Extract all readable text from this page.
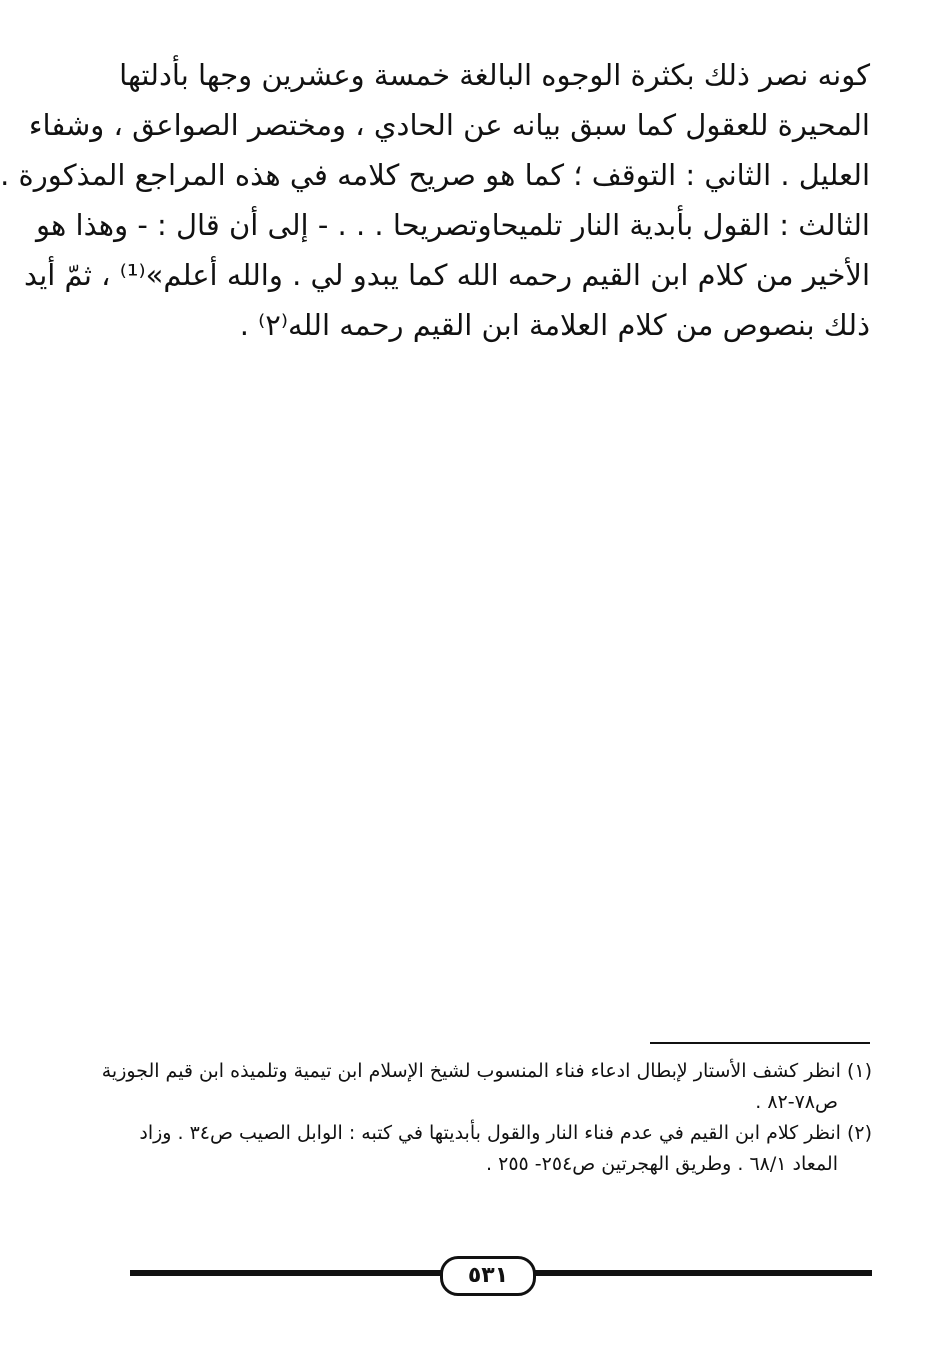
كونه نصر ذلك بكثرة الوجوه البالغة خمسة وعشرين وجها بأدلتها
المحيرة للعقول كما سبق بيانه عن الحادي ، ومختصر الصواعق ، وشفاء
العليل . الثاني : التوقف ؛ كما هو صريح كلامه في هذه المراجع المذكورة .
الثالث : القول بأبدية النار تلميحاوتصريحا . . . - إلى أن قال : - وهذا هو
الأخير من كلام ابن القيم رحمه الله كما يبدو لي . والله أعلم»⁽¹⁾ ، ثمّ أيد
ذلك بنصوص من كلام العلامة ابن القيم رحمه الله⁽٢⁾ .
(١) انظر كشف الأستار لإبطال ادعاء فناء المنسوب لشيخ الإسلام ابن تيمية وتلميذه ابن قيم الجوزية
ص٧٨-٨٢ .
(٢) انظر كلام ابن القيم في عدم فناء النار والقول بأبديتها في كتبه : الوابل الصيب ص٣٤ . وزاد
المعاد ٦٨/١ . وطريق الهجرتين ص٢٥٤- ٢٥٥ .
٥٣١
